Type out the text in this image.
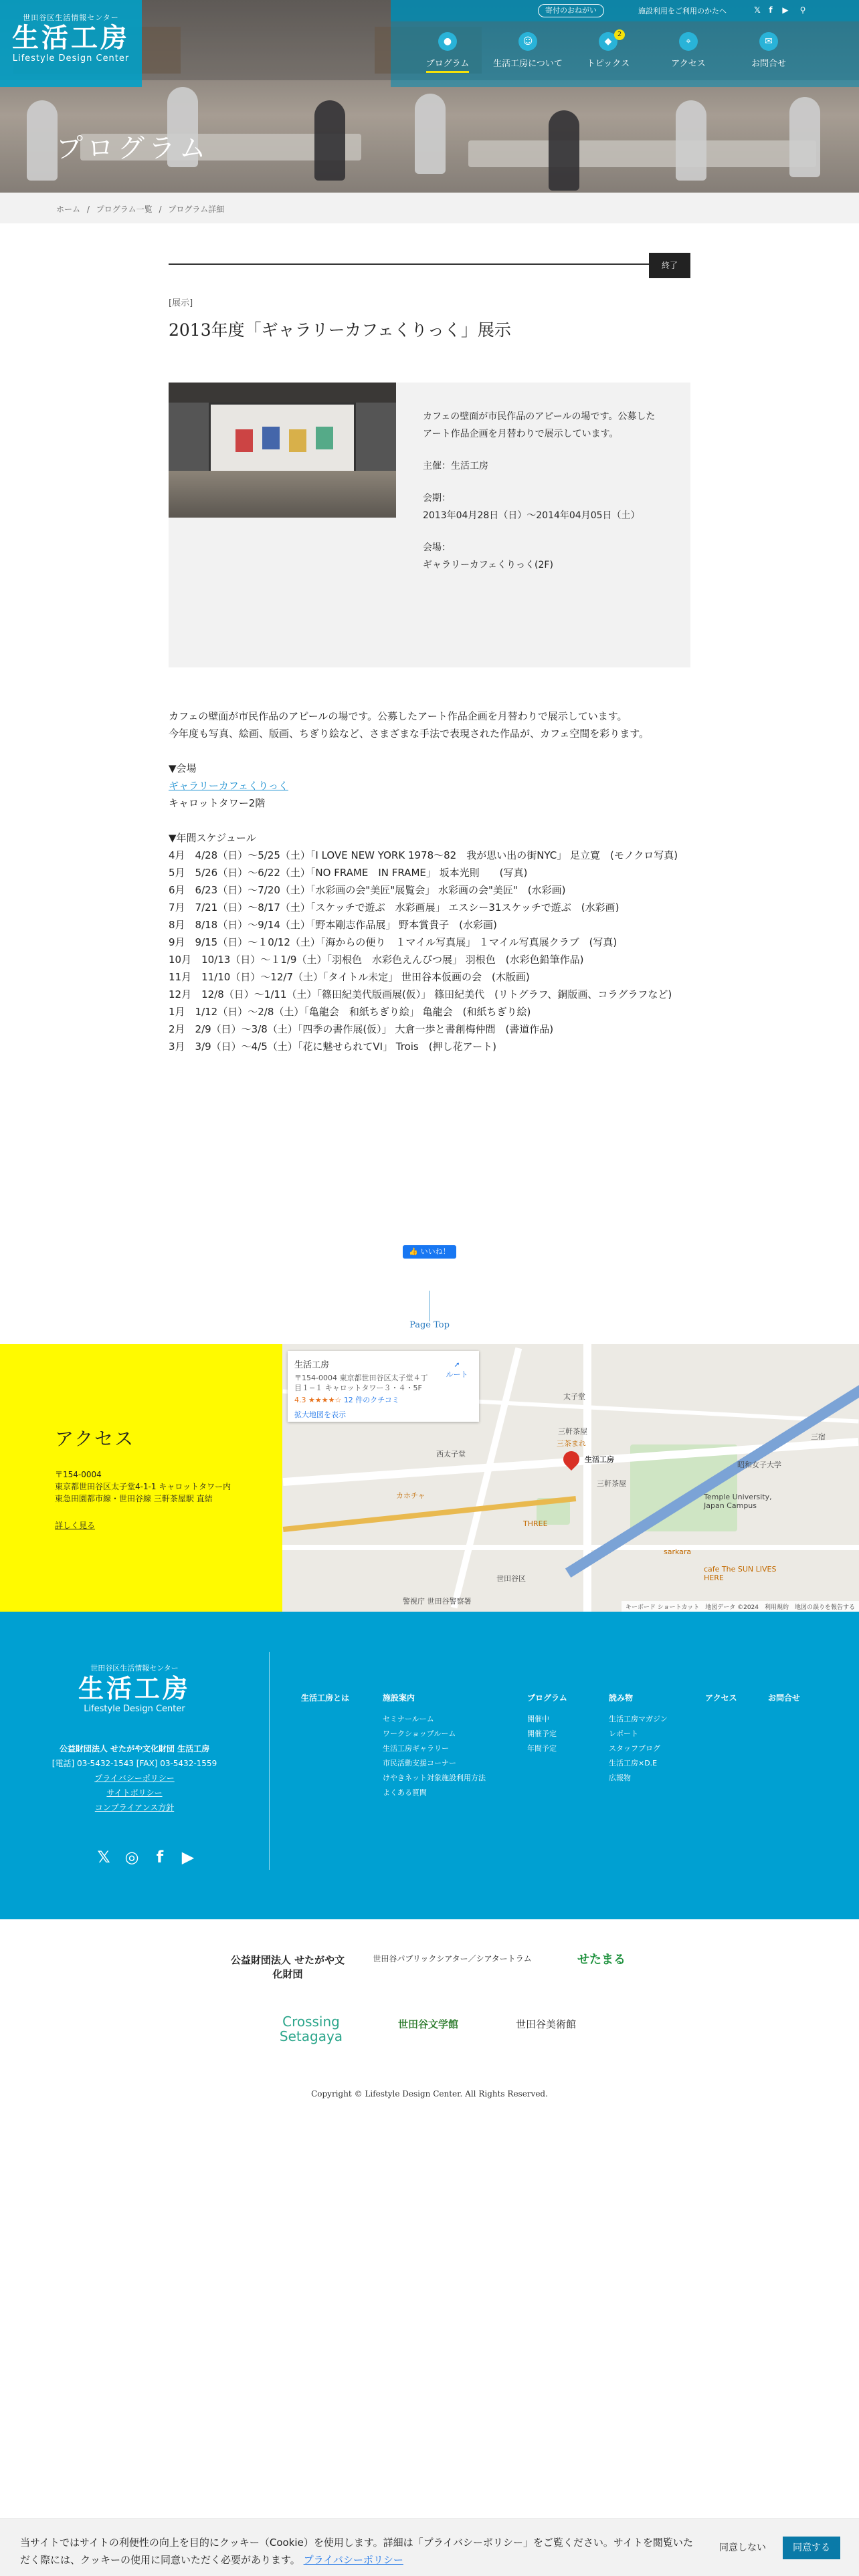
世田谷区生活情報センター
生活工房
Lifestyle Design Center
寄付のおねがい	施設利用をご利用のかたへ	𝕏	f	▶ ⚲
●
プログラム
☺
生活工房について
◆
2
トピックス
⌖
アクセス
✉
お問合せ
プログラム
ホーム / プログラム一覧 / プログラム詳細
終了
[展示]
2013年度「ギャラリーカフェくりっく」展示

カフェの壁面が市民作品のアピールの場です。公募したアート作品企画を月替わりで展示しています。

主催：生活工房

会期：
2013年04月28日（日）～2014年04月05日（土）

会場：
ギャラリーカフェくりっく(2F)

カフェの壁面が市民作品のアピールの場です。公募したアート作品企画を月替わりで展示しています。

今年度も写真、絵画、版画、ちぎり絵など、さまざまな手法で表現された作品が、カフェ空間を彩ります。

▼会場

ギャラリーカフェくりっく

キャロットタワー2階

▼年間スケジュール

4月　4/28（日）～5/25（土）「I LOVE NEW YORK 1978～82　我が思い出の街NYC」 足立寛　(モノクロ写真)

5月　5/26（日）～6/22（土）「NO FRAME　IN FRAME」 坂本光則　　(写真)

6月　6/23（日）～7/20（土）「水彩画の会"美匠"展覧会」 水彩画の会"美匠"　(水彩画)

7月　7/21（日）～8/17（土）「スケッチで遊ぶ　水彩画展」 エスシー31スケッチで遊ぶ　(水彩画)

8月　8/18（日）～9/14（土）「野本剛志作品展」 野本賞貴子　(水彩画)

9月　9/15（日）～１0/12（土）「海からの便り　１マイル写真展」 １マイル写真展クラブ　(写真)

10月　10/13（日）～１1/9（土）「羽根色　水彩色えんぴつ展」 羽根色　(水彩色鉛筆作品)

11月　11/10（日）～12/7（土）「タイトル未定」 世田谷本仮画の会　(木版画)

12月　12/8（日）～1/11（土）「篠田紀美代版画展(仮）」 篠田紀美代　(リトグラフ、銅版画、コラグラフなど)

1月　1/12（日）～2/8（土）「亀龍会　和紙ちぎり絵」 亀龍会　(和紙ちぎり絵)

2月　2/9（日）～3/8（土）「四季の書作展(仮）」 大倉一歩と書創梅仲間　(書道作品)

3月　3/9（日）～4/5（土）「花に魅せられてVI」 Trois　(押し花アート)

👍 いいね！
Page Top
アクセス
〒154-0004
東京都世田谷区太子堂4-1-1 キャロットタワー内
東急田園都市線・世田谷線 三軒茶屋駅 直結
詳しく見る
三軒茶屋
太子堂
西太子堂
Temple University, Japan Campus
昭和女子大学
三宿
三軒茶屋
cafe The SUN LIVES HERE
THREE
カホチャ
三茶まれ
sarkara
世田谷区
警視庁 世田谷警察署
生活工房
生活工房
〒154-0004 東京都世田谷区太子堂４丁目１−１ キャロットタワー３・４・5F
4.3 ★★★★☆ 12 件のクチコミ
拡大地図を表示
➚
ルート
キーボード ショートカット　地図データ ©2024　利用規約　地図の誤りを報告する
世田谷区生活情報センター
生活工房
Lifestyle Design Center
公益財団法人 せたがや文化財団 生活工房
[電話] 03-5432-1543 [FAX] 03-5432-1559
プライバシーポリシー
サイトポリシー
コンプライアンス方針
𝕏 ◎ f ▶
生活工房とは	施設案内
セミナールーム
ワークショップルーム
生活工房ギャラリー
市民活動支援コーナー
けやきネット対象施設利用方法
よくある質問
プログラム
開催中
開催予定
年間予定
読み物
生活工房マガジン
レポート
スタッフブログ
生活工房×D.E
広報物
アクセス	お問合せ
公益財団法人 せたがや文化財団
世田谷パブリックシアター／シアタートラム	せたまる
Crossing Setagaya
世田谷文学館	世田谷美術館
Copyright © Lifestyle Design Center. All Rights Reserved.
当サイトではサイトの利便性の向上を目的にクッキー（Cookie）を使用します。詳細は「プライバシーポリシー」をご覧ください。サイトを閲覧いただく際には、クッキーの使用に同意いただく必要があります。 プライバシーポリシー
同意しない	同意する
